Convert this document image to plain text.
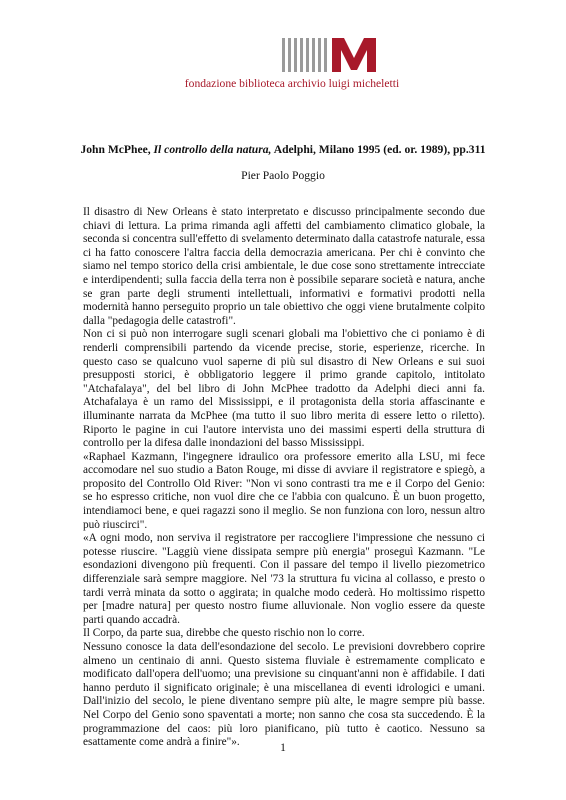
fondazione biblioteca archivio luigi micheletti
John McPhee, Il controllo della natura, Adelphi, Milano 1995 (ed. or. 1989), pp.311
Pier Paolo Poggio

Il disastro di New Orleans è stato interpretato e discusso principalmente secondo due chiavi di lettura. La prima rimanda agli affetti del cambiamento climatico globale, la seconda si concentra sull'effetto di svelamento determinato dalla catastrofe naturale, essa ci ha fatto conoscere l'altra faccia della democrazia americana. Per chi è convinto che siamo nel tempo storico della crisi ambientale, le due cose sono strettamente intrecciate e interdipendenti; sulla faccia della terra non è possibile separare società e natura, anche se gran parte degli strumenti intellettuali, informativi e formativi prodotti nella modernità hanno perseguito proprio un tale obiettivo che oggi viene brutalmente colpito dalla "pedagogia delle catastrofi".

Non ci si può non interrogare sugli scenari globali ma l'obiettivo che ci poniamo è di renderli comprensibili partendo da vicende precise, storie, esperienze, ricerche. In questo caso se qualcuno vuol saperne di più sul disastro di New Orleans e sui suoi presupposti storici, è obbligatorio leggere il primo grande capitolo, intitolato "Atchafalaya", del bel libro di John McPhee tradotto da Adelphi dieci anni fa. Atchafalaya è un ramo del Mississippi, e il protagonista della storia affascinante e illuminante narrata da McPhee (ma tutto il suo libro merita di essere letto o riletto). Riporto le pagine in cui l'autore intervista uno dei massimi esperti della struttura di controllo per la difesa dalle inondazioni del basso Mississippi.

«Raphael Kazmann, l'ingegnere idraulico ora professore emerito alla LSU, mi fece accomodare nel suo studio a Baton Rouge, mi disse di avviare il registratore e spiegò, a proposito del Controllo Old River: "Non vi sono contrasti tra me e il Corpo del Genio: se ho espresso critiche, non vuol dire che ce l'abbia con qualcuno. È un buon progetto, intendiamoci bene, e quei ragazzi sono il meglio. Se non funziona con loro, nessun altro può riuscirci".

«A ogni modo, non serviva il registratore per raccogliere l'impressione che nessuno ci potesse riuscire. "Laggiù viene dissipata sempre più energia" proseguì Kazmann. "Le esondazioni divengono più frequenti. Con il passare del tempo il livello piezometrico differenziale sarà sempre maggiore. Nel '73 la struttura fu vicina al collasso, e presto o tardi verrà minata da sotto o aggirata; in qualche modo cederà. Ho moltissimo rispetto per [madre natura] per questo nostro fiume alluvionale. Non voglio essere da queste parti quando accadrà.

Il Corpo, da parte sua, direbbe che questo rischio non lo corre.

Nessuno conosce la data dell'esondazione del secolo. Le previsioni dovrebbero coprire almeno un centinaio di anni. Questo sistema fluviale è estremamente complicato e modificato dall'opera dell'uomo; una previsione su cinquant'anni non è affidabile. I dati hanno perduto il significato originale; è una miscellanea di eventi idrologici e umani. Dall'inizio del secolo, le piene diventano sempre più alte, le magre sempre più basse. Nel Corpo del Genio sono spaventati a morte; non sanno che cosa sta succedendo. È la programmazione del caos: più loro pianificano, più tutto è caotico. Nessuno sa esattamente come andrà a finire"».	1
